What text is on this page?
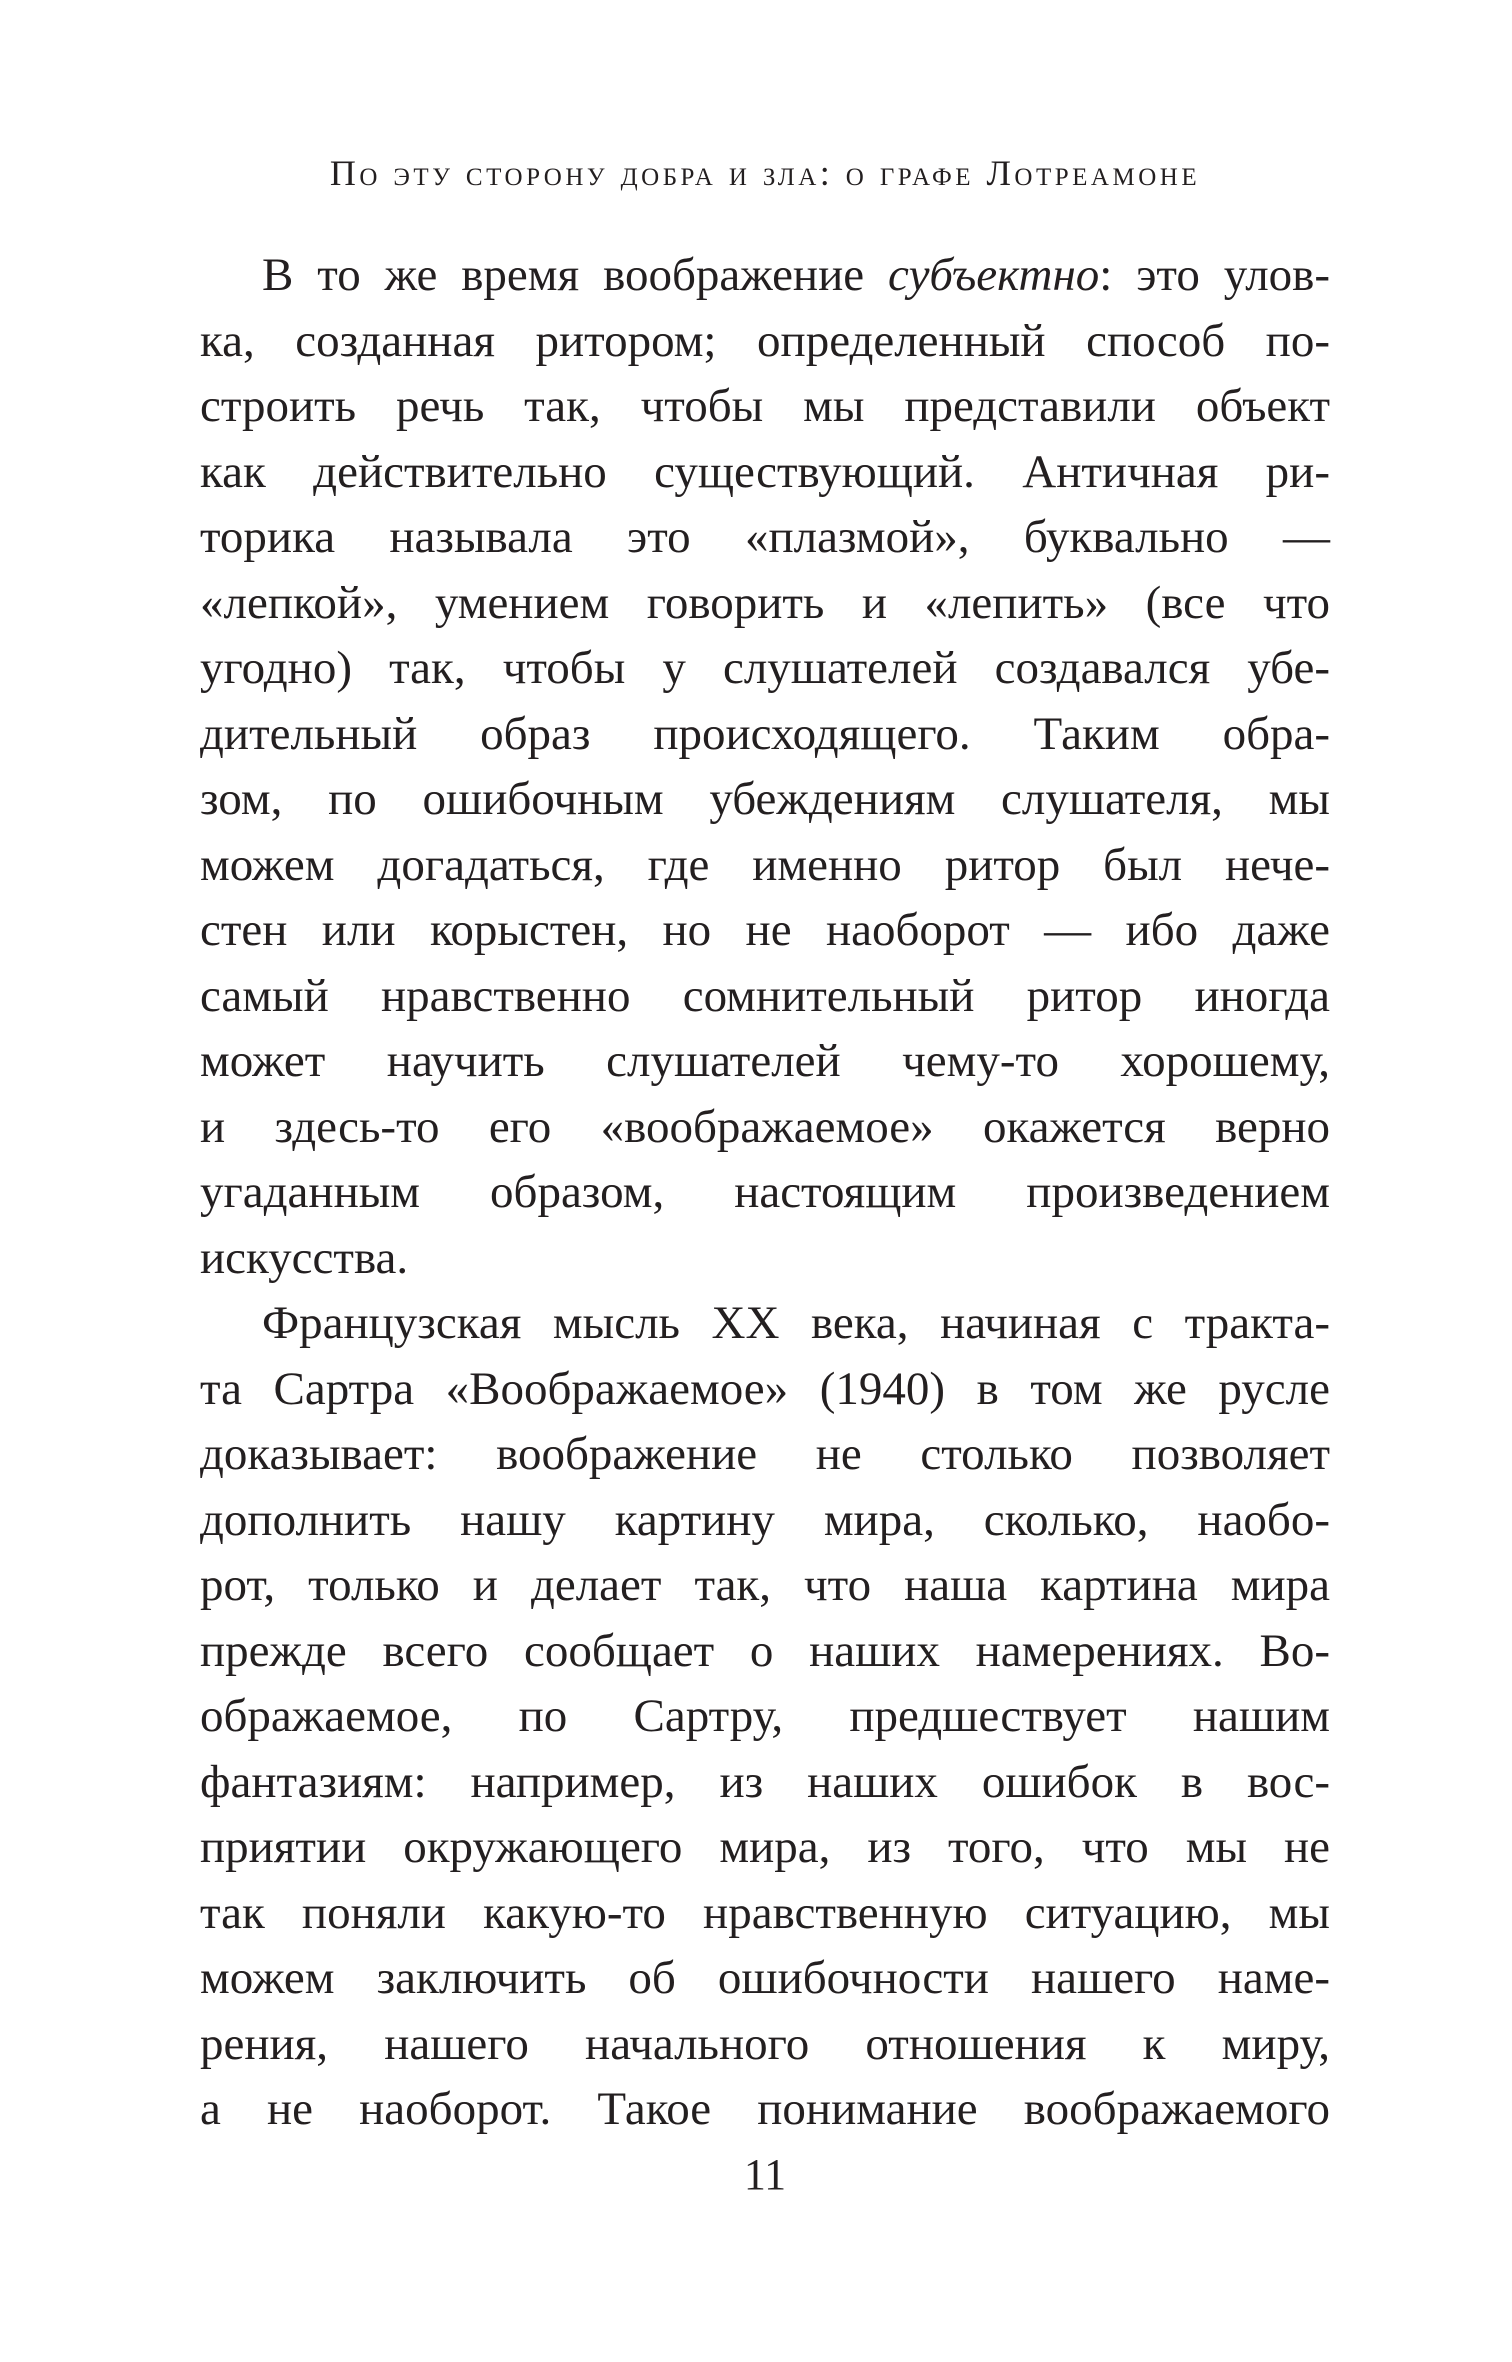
По эту сторону добра и зла: о графе Лотреамоне
В то же время воображение субъектно: это улов-
ка, созданная ритором; определенный способ по-
строить речь так, чтобы мы представили объект
как действительно существующий. Античная ри-
торика называла это «плазмой», буквально —
«лепкой», умением говорить и «лепить» (все что
угодно) так, чтобы у слушателей создавался убе-
дительный образ происходящего. Таким обра-
зом, по ошибочным убеждениям слушателя, мы
можем догадаться, где именно ритор был нече-
стен или корыстен, но не наоборот — ибо даже
самый нравственно сомнительный ритор иногда
может научить слушателей чему-то хорошему,
и здесь-то его «воображаемое» окажется верно
угаданным образом, настоящим произведением
искусства.
Французская мысль XX века, начиная с тракта-
та Сартра «Воображаемое» (1940) в том же русле
доказывает: воображение не столько позволяет
дополнить нашу картину мира, сколько, наобо-
рот, только и делает так, что наша картина мира
прежде всего сообщает о наших намерениях. Во-
ображаемое, по Сартру, предшествует нашим
фантазиям: например, из наших ошибок в вос-
приятии окружающего мира, из того, что мы не
так поняли какую-то нравственную ситуацию, мы
можем заключить об ошибочности нашего наме-
рения, нашего начального отношения к миру,
а не наоборот. Такое понимание воображаемого
11
